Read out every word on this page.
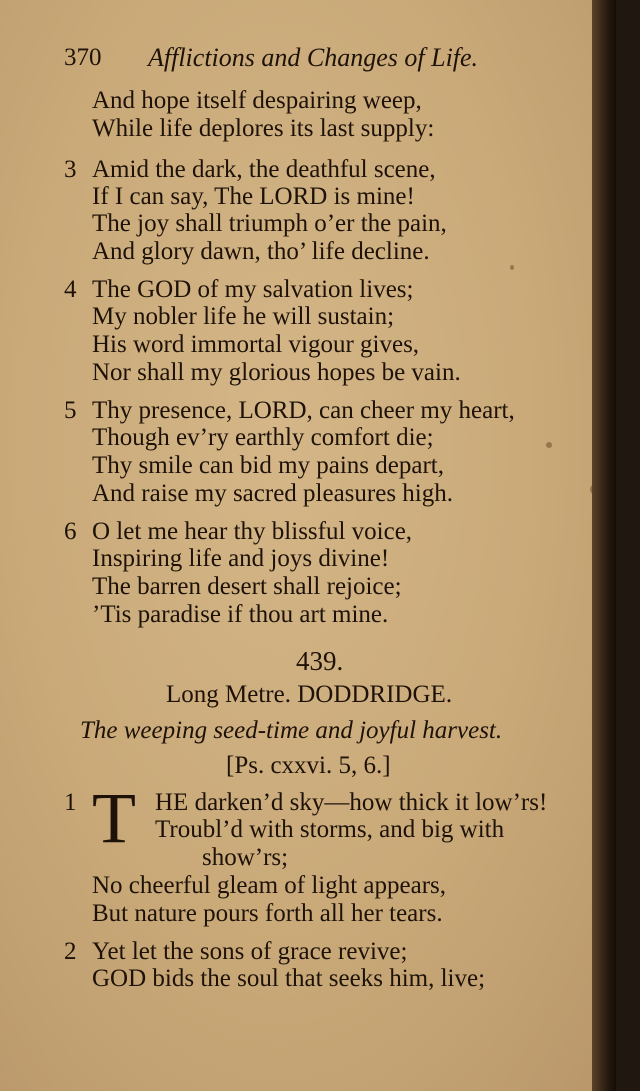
370 Afflictions and Changes of Life.
And hope itself despairing weep,
While life deplores its last supply:
3 Amid the dark, the deathful scene,
If I can say, The LORD is mine!
The joy shall triumph o’er the pain,
And glory dawn, tho’ life decline.
4 The GOD of my salvation lives;
My nobler life he will sustain;
His word immortal vigour gives,
Nor shall my glorious hopes be vain.
5 Thy presence, LORD, can cheer my heart,
Though ev’ry earthly comfort die;
Thy smile can bid my pains depart,
And raise my sacred pleasures high.
6 O let me hear thy blissful voice,
Inspiring life and joys divine!
The barren desert shall rejoice;
’Tis paradise if thou art mine.
439.
Long Metre. DODDRIDGE.
The weeping seed-time and joyful harvest.
[Ps. cxxvi. 5, 6.]
1 T HE darken’d sky—how thick it low’rs!
Troubl’d with storms, and big with
show’rs;
No cheerful gleam of light appears,
But nature pours forth all her tears.
2 Yet let the sons of grace revive;
GOD bids the soul that seeks him, live;
